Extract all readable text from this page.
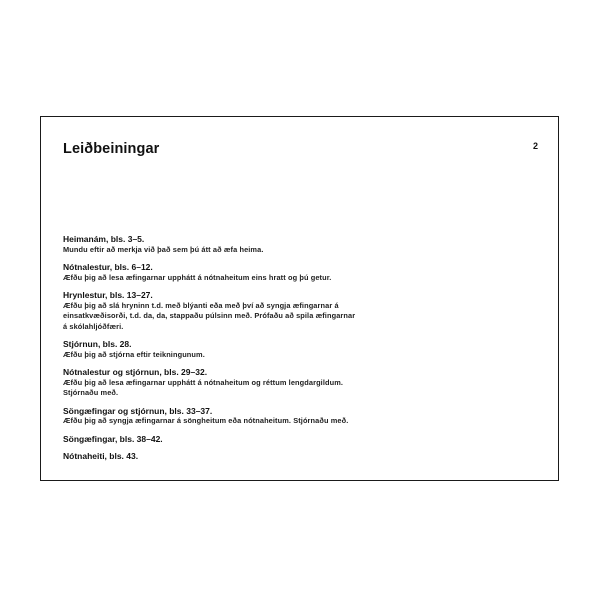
Leiðbeiningar	2

Heimanám, bls. 3–5.

Mundu eftir að merkja við það sem þú átt að æfa heima.

Nótnalestur, bls. 6–12.

Æfðu þig að lesa æfingarnar upphátt á nótnaheitum eins hratt og þú getur.

Hrynlestur, bls. 13–27.

Æfðu þig að slá hryninn t.d. með blýanti eða með því að syngja æfingarnar á

einsatkvæðisorði, t.d. da, da, stappaðu púlsinn með. Prófaðu að spila æfingarnar

á skólahljóðfæri.

Stjórnun, bls. 28.

Æfðu þig að stjórna eftir teikningunum.

Nótnalestur og stjórnun, bls. 29–32.

Æfðu þig að lesa æfingarnar upphátt á nótnaheitum og réttum lengdargildum.

Stjórnaðu með.

Söngæfingar og stjórnun, bls. 33–37.

Æfðu þig að syngja æfingarnar á söngheitum eða nótnaheitum. Stjórnaðu með.

Söngæfingar, bls. 38–42.

Nótnaheiti, bls. 43.
